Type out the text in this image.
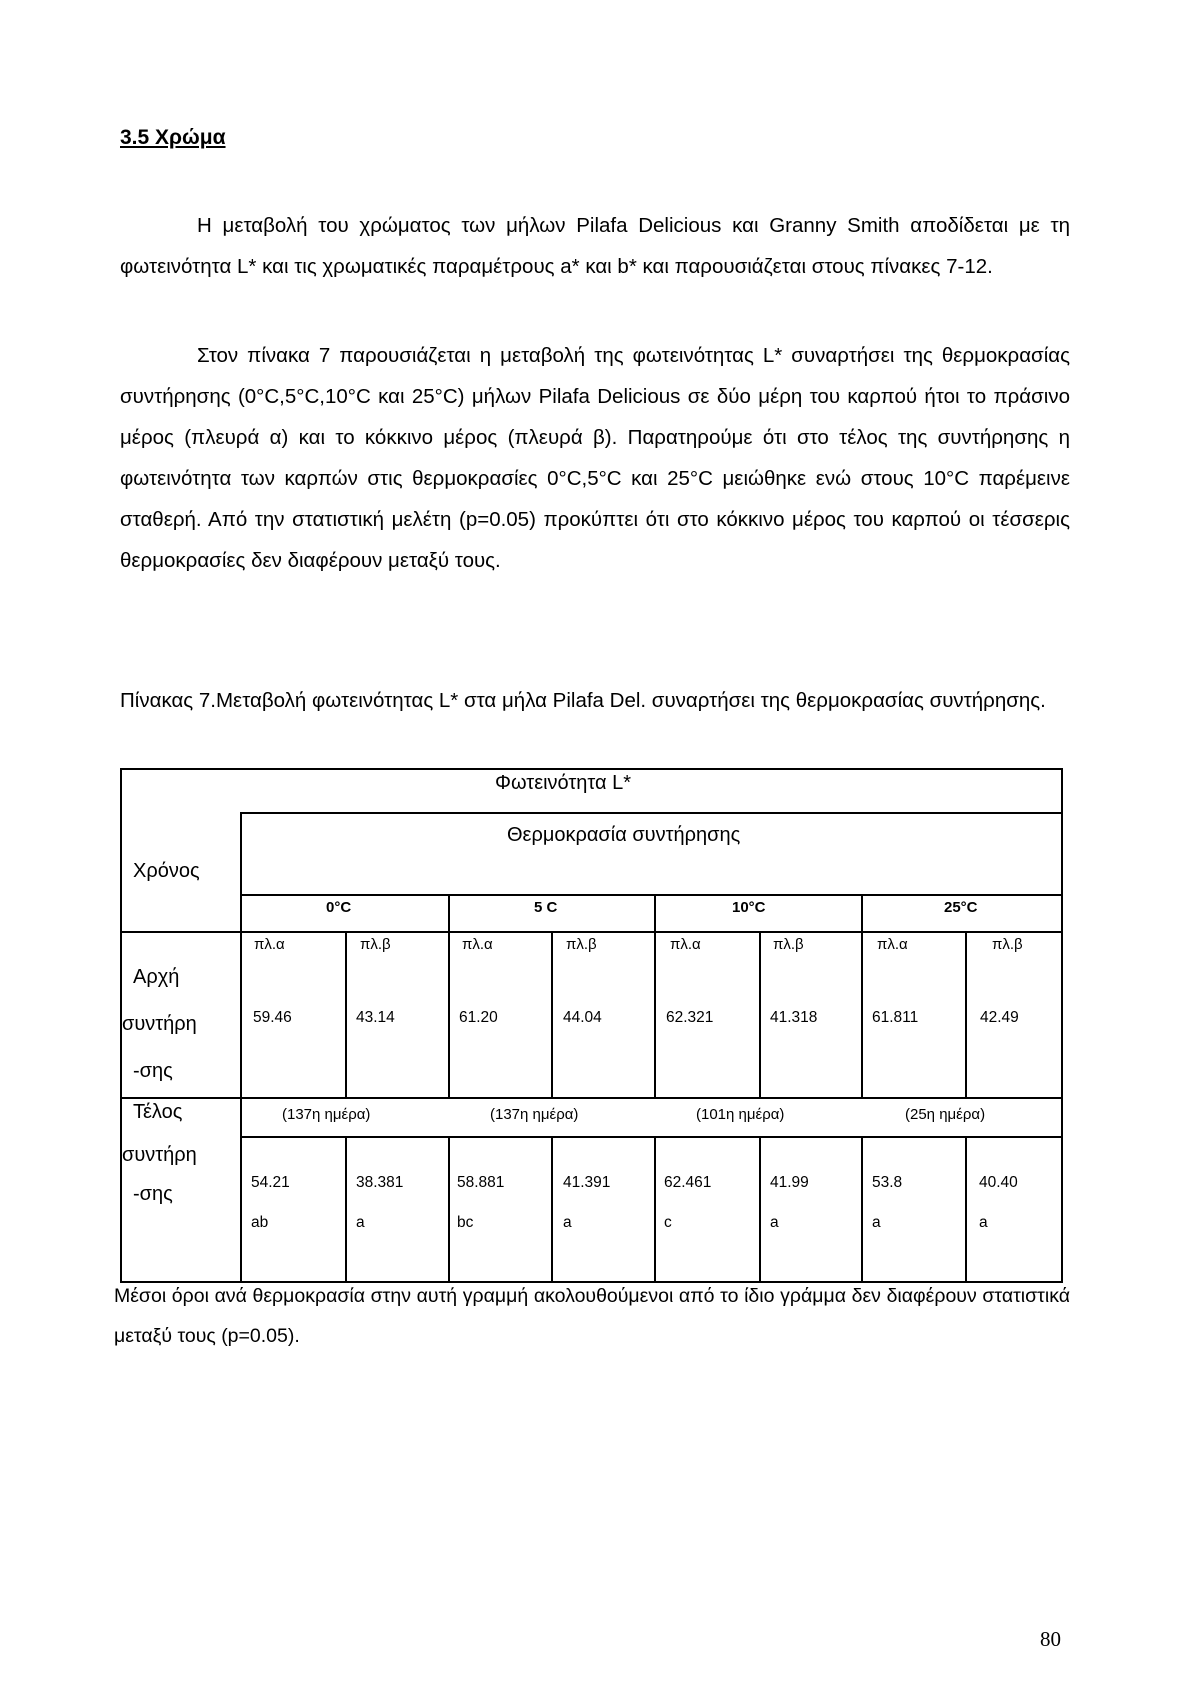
3.5 Χρώμα
Η μεταβολή του χρώματος των μήλων Pilafa Delicious και Granny Smith αποδίδεται με τη φωτεινότητα L* και τις χρωματικές παραμέτρους a* και b* και παρουσιάζεται στους πίνακες 7-12.
Στον πίνακα 7 παρουσιάζεται η μεταβολή της φωτεινότητας L* συναρτήσει της θερμοκρασίας συντήρησης (0°C,5°C,10°C και 25°C) μήλων Pilafa Delicious σε δύο μέρη του καρπού ήτοι το πράσινο μέρος (πλευρά α) και το κόκκινο μέρος (πλευρά β). Παρατηρούμε ότι στο τέλος της συντήρησης η φωτεινότητα των καρπών στις θερμοκρασίες 0°C,5°C και 25°C μειώθηκε ενώ στους 10°C παρέμεινε σταθερή. Από την στατιστική μελέτη (p=0.05) προκύπτει ότι στο κόκκινο μέρος του καρπού οι τέσσερις θερμοκρασίες δεν διαφέρουν μεταξύ τους.
Πίνακας 7.Μεταβολή φωτεινότητας L* στα μήλα Pilafa Del. συναρτήσει της θερμοκρασίας συντήρησης.
Φωτεινότητα L*
Θερμοκρασία συντήρησης
Χρόνος
0°C	5 C	10°C	25°C
πλ.α	πλ.β	πλ.α	πλ.β	πλ.α	πλ.β	πλ.α	πλ.β
Αρχή
συντήρη
-σης
59.46	43.14	61.20	44.04	62.321	41.318	61.811	42.49
Τέλος
συντήρη
-σης
(137η ημέρα)	(137η ημέρα)	(101η ημέρα)	(25η ημέρα)
54.21	38.381	58.881	41.391	62.461	41.99	53.8	40.40
ab	a	bc	a	c	a	a	a
Μέσοι όροι ανά θερμοκρασία στην αυτή γραμμή ακολουθούμενοι από το ίδιο γράμμα δεν διαφέρουν στατιστικά μεταξύ τους (p=0.05).
80
